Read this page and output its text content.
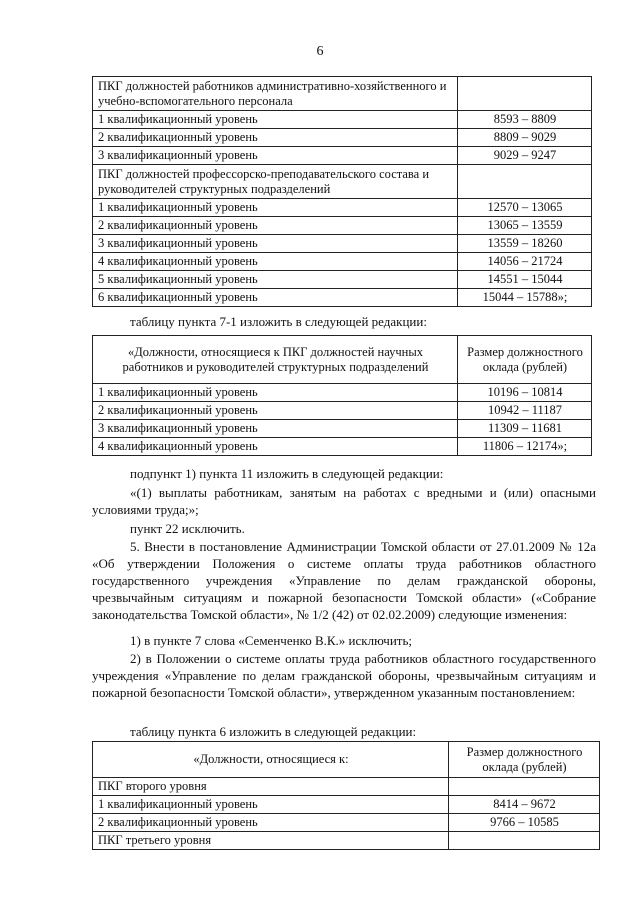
6
ПКГ должностей работников административно-хозяйственного и учебно-вспомогательного персонала	
1 квалификационный уровень	8593 – 8809
2 квалификационный уровень	8809 – 9029
3 квалификационный уровень	9029 – 9247
ПКГ должностей профессорско-преподавательского состава и руководителей структурных подразделений	
1 квалификационный уровень	12570 – 13065
2 квалификационный уровень	13065 – 13559
3 квалификационный уровень	13559 – 18260
4 квалификационный уровень	14056 – 21724
5 квалификационный уровень	14551 – 15044
6 квалификационный уровень	15044 – 15788»;

таблицу пункта 7-1 изложить в следующей редакции:

«Должности, относящиеся к ПКГ должностей научных работников и руководителей структурных подразделений	Размер должностного оклада (рублей)
1 квалификационный уровень	10196 – 10814
2 квалификационный уровень	10942 – 11187
3 квалификационный уровень	11309 – 11681
4 квалификационный уровень	11806 – 12174»;

подпункт 1) пункта 11 изложить в следующей редакции:

«(1) выплаты работникам, занятым на работах с вредными и (или) опасными условиями труда;»;

пункт 22 исключить.

5. Внести в постановление Администрации Томской области от 27.01.2009 № 12а «Об утверждении Положения о системе оплаты труда работников областного государственного учреждения «Управление по делам гражданской обороны, чрезвычайным ситуациям и пожарной безопасности Томской области» («Собрание законодательства Томской области», № 1/2 (42) от 02.02.2009) следующие изменения:

1) в пункте 7 слова «Семенченко В.К.» исключить;

2) в Положении о системе оплаты труда работников областного государственного учреждения «Управление по делам гражданской обороны, чрезвычайным ситуациям и пожарной безопасности Томской области», утвержденном указанным постановлением:

таблицу пункта 6 изложить в следующей редакции:

«Должности, относящиеся к:	Размер должностного оклада (рублей)
ПКГ второго уровня	
1 квалификационный уровень	8414 – 9672
2 квалификационный уровень	9766 – 10585
ПКГ третьего уровня	
